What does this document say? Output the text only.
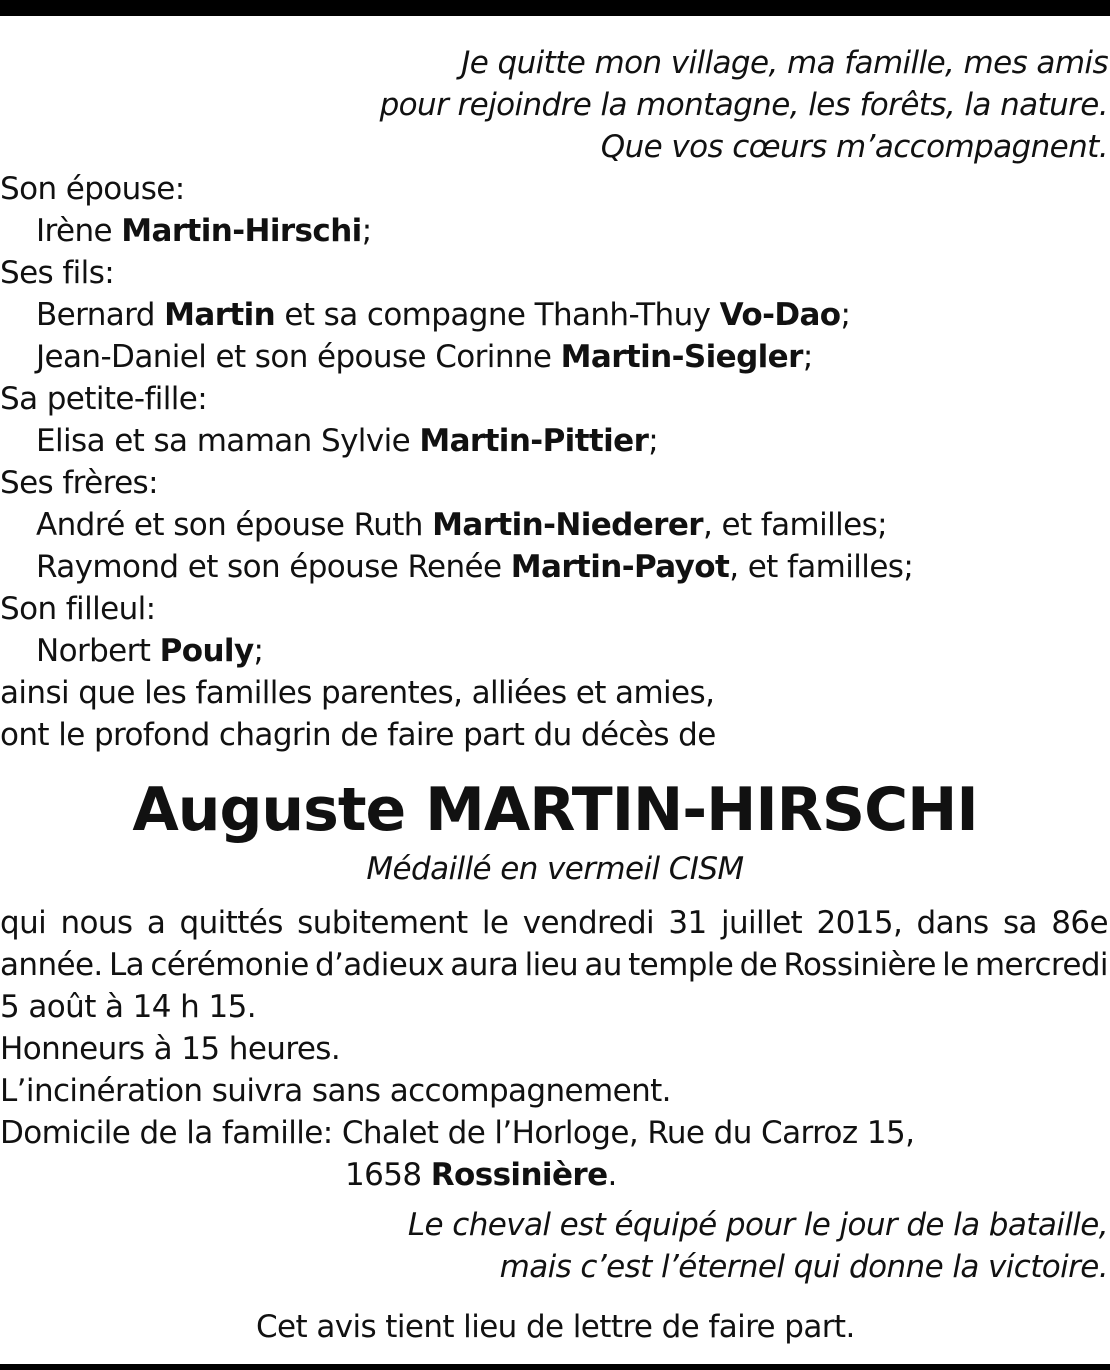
Je quitte mon village, ma famille, mes amis
pour rejoindre la montagne, les forêts, la nature.
Que vos cœurs m’accompagnent.
Son épouse:
Irène Martin-Hirschi;
Ses fils:
Bernard Martin et sa compagne Thanh-Thuy Vo-Dao;
Jean-Daniel et son épouse Corinne Martin-Siegler;
Sa petite-fille:
Elisa et sa maman Sylvie Martin-Pittier;
Ses frères:
André et son épouse Ruth Martin-Niederer, et familles;
Raymond et son épouse Renée Martin-Payot, et familles;
Son filleul:
Norbert Pouly;
ainsi que les familles parentes, alliées et amies,
ont le profond chagrin de faire part du décès de
Auguste MARTIN-HIRSCHI
Médaillé en vermeil CISM
qui nous a quittés subitement le vendredi 31 juillet 2015, dans sa 86e
année. La cérémonie d’adieux aura lieu au temple de Rossinière le mercredi
5 août à 14 h 15.
Honneurs à 15 heures.
L’incinération suivra sans accompagnement.
Domicile de la famille: Chalet de l’Horloge, Rue du Carroz 15,
1658 Rossinière.
Le cheval est équipé pour le jour de la bataille,
mais c’est l’éternel qui donne la victoire.
Cet avis tient lieu de lettre de faire part.
